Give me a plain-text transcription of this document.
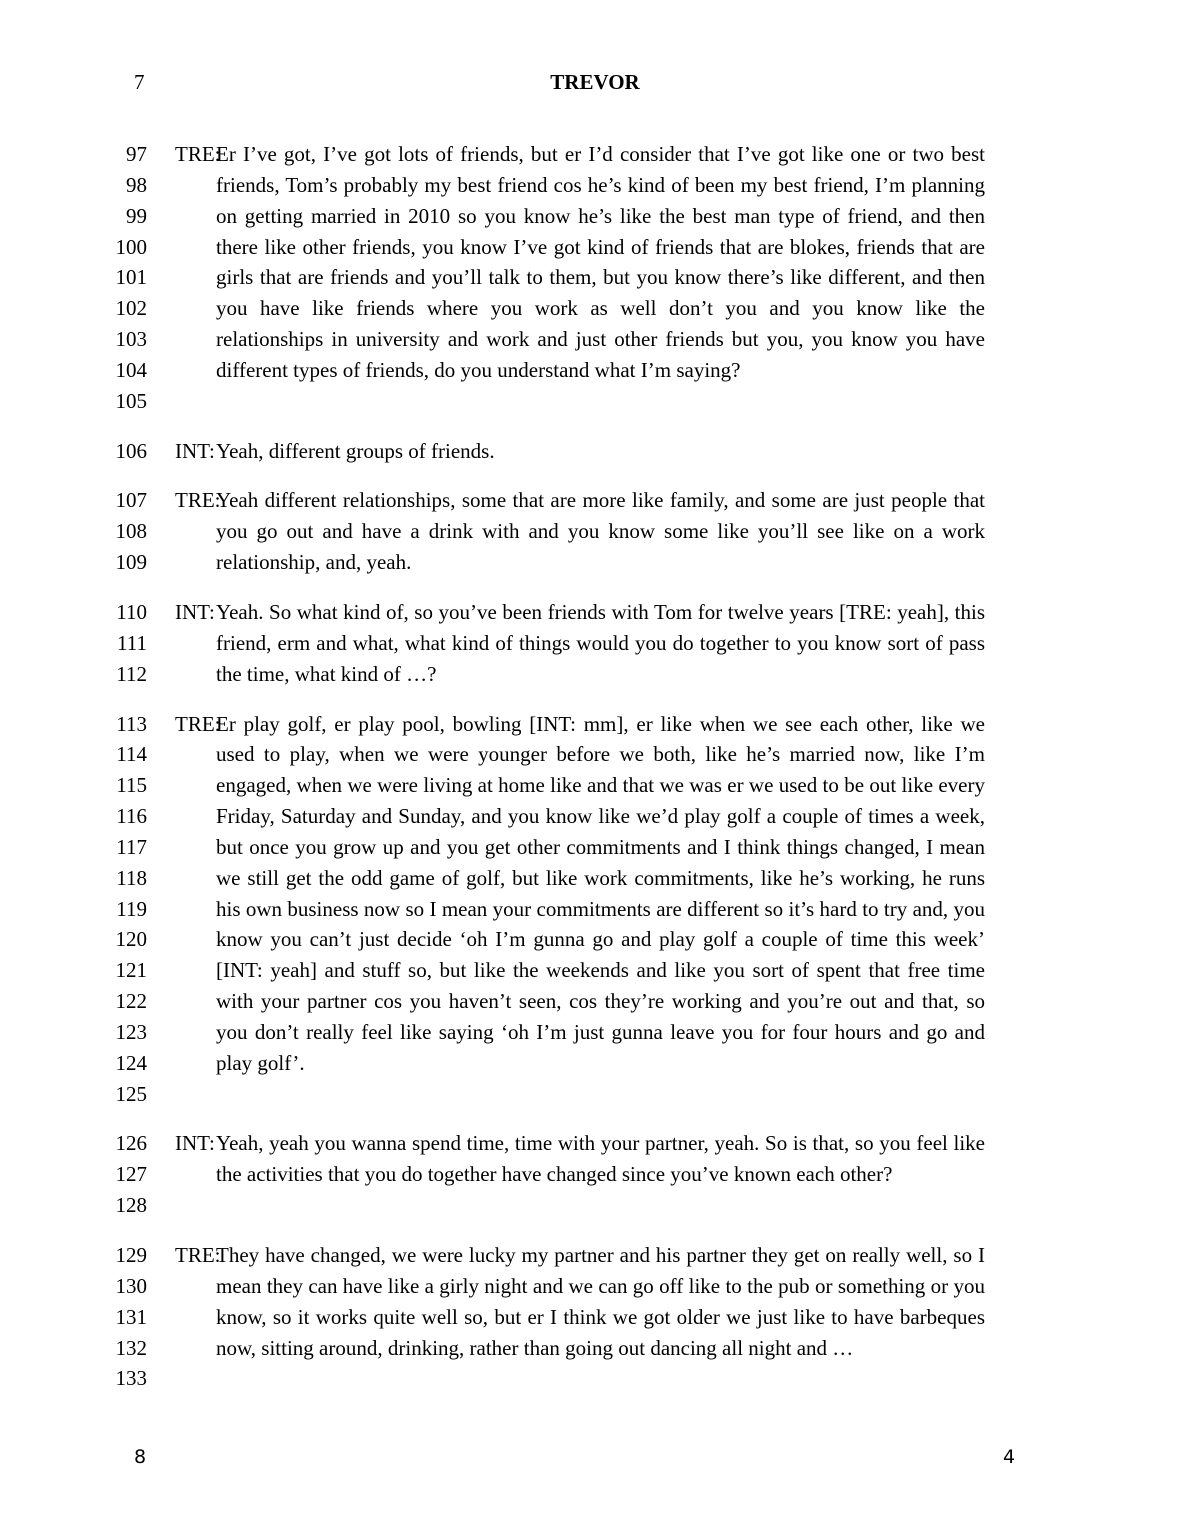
7	TREVOR
97
98
99
100
101
102
103
104
105
TRE:
Er I’ve got, I’ve got lots of friends, but er I’d consider that I’ve got like one or two best friends, Tom’s probably my best friend cos he’s kind of been my best friend, I’m planning on getting married in 2010 so you know he’s like the best man type of friend, and then there like other friends, you know I’ve got kind of friends that are blokes, friends that are girls that are friends and you’ll talk to them, but you know there’s like different, and then you have like friends where you work as well don’t you and you know like the relationships in university and work and just other friends but you, you know you have different types of friends, do you understand what I’m saying?
106	INT: Yeah, different groups of friends.
107
108
109
TRE:
Yeah different relationships, some that are more like family, and some are just people that you go out and have a drink with and you know some like you’ll see like on a work relationship, and, yeah.
110
111
112
INT: Yeah. So what kind of, so you’ve been friends with Tom for twelve years [TRE: yeah], this friend, erm and what, what kind of things would you do together to you know sort of pass the time, what kind of …?
113
114
115
116
117
118
119
120
121
122
123
124
125
TRE:
Er play golf, er play pool, bowling [INT: mm], er like when we see each other, like we used to play, when we were younger before we both, like he’s married now, like I’m engaged, when we were living at home like and that we was er we used to be out like every Friday, Saturday and Sunday, and you know like we’d play golf a couple of times a week, but once you grow up and you get other commitments and I think things changed, I mean we still get the odd game of golf, but like work commitments, like he’s working, he runs his own business now so I mean your commitments are different so it’s hard to try and, you know you can’t just decide ‘oh I’m gunna go and play golf a couple of time this week’ [INT: yeah] and stuff so, but like the weekends and like you sort of spent that free time with your partner cos you haven’t seen, cos they’re working and you’re out and that, so you don’t really feel like saying ‘oh I’m just gunna leave you for four hours and go and play golf’.
126
127
128
INT: Yeah, yeah you wanna spend time, time with your partner, yeah. So is that, so you feel like the activities that you do together have changed since you’ve known each other?
129
130
131
132
133
TRE:
They have changed, we were lucky my partner and his partner they get on really well, so I mean they can have like a girly night and we can go off like to the pub or something or you know, so it works quite well so, but er I think we got older we just like to have barbeques now, sitting around, drinking, rather than going out dancing all night and …
8	4
